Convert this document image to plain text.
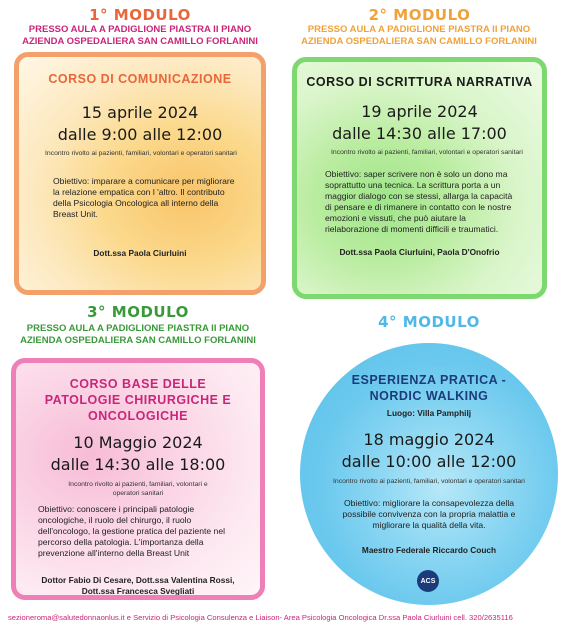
1° MODULO
PRESSO AULA A PADIGLIONE PIASTRA II PIANO
AZIENDA OSPEDALIERA SAN CAMILLO FORLANINI
CORSO DI COMUNICAZIONE
15 aprile 2024
dalle 9:00 alle 12:00
Incontro rivolto ai pazienti, familiari, volontari e operatori sanitari
Obiettivo: imparare a comunicare per migliorare la relazione empatica con l 'altro. Il contributo della Psicologia Oncologica all interno della Breast Unit.
Dott.ssa Paola Ciurluini
2° MODULO
PRESSO AULA A PADIGLIONE PIASTRA II PIANO
AZIENDA OSPEDALIERA SAN CAMILLO FORLANINI
CORSO DI SCRITTURA NARRATIVA
19 aprile 2024
dalle 14:30 alle 17:00
Incontro rivolto ai pazienti, familiari, volontari e operatori sanitari
Obiettivo: saper scrivere non è solo un dono ma soprattutto una tecnica. La scrittura porta a un maggior dialogo con se stessi, allarga la capacità di pensare e di rimanere in contatto con le nostre emozioni e vissuti, che può aiutare la rielaborazione di momenti difficili e traumatici.
Dott.ssa Paola Ciurluini, Paola D'Onofrio
3° MODULO
PRESSO AULA A PADIGLIONE PIASTRA II PIANO
AZIENDA OSPEDALIERA SAN CAMILLO FORLANINI
CORSO BASE DELLE
PATOLOGIE CHIRURGICHE E
ONCOLOGICHE
10 Maggio 2024
dalle 14:30 alle 18:00
Incontro rivolto ai pazienti, familiari, volontari e operatori sanitari
Obiettivo: conoscere i principali patologie oncologiche, il ruolo del chirurgo, il ruolo dell'oncologo, la gestione pratica del paziente nel percorso della patologia. L'importanza della prevenzione all'interno della Breast Unit
Dottor Fabio Di Cesare, Dott.ssa Valentina Rossi,
Dott.ssa Francesca Svegliati
4° MODULO
ESPERIENZA PRATICA -
NORDIC WALKING
Luogo: Villa Pamphilj
18 maggio 2024
dalle 10:00 alle 12:00
Incontro rivolto ai pazienti, familiari, volontari e operatori sanitari
Obiettivo: migliorare la consapevolezza della possibile convivenza con la propria malattia e migliorare la qualità della vita.
Maestro Federale Riccardo Couch
ACS
sezioneroma@salutedonnaonlus.it e Servizio di Psicologia Consulenza e Liaison- Area Psicologia Oncologica Dr.ssa Paola Ciurluini cell. 320/2635116
